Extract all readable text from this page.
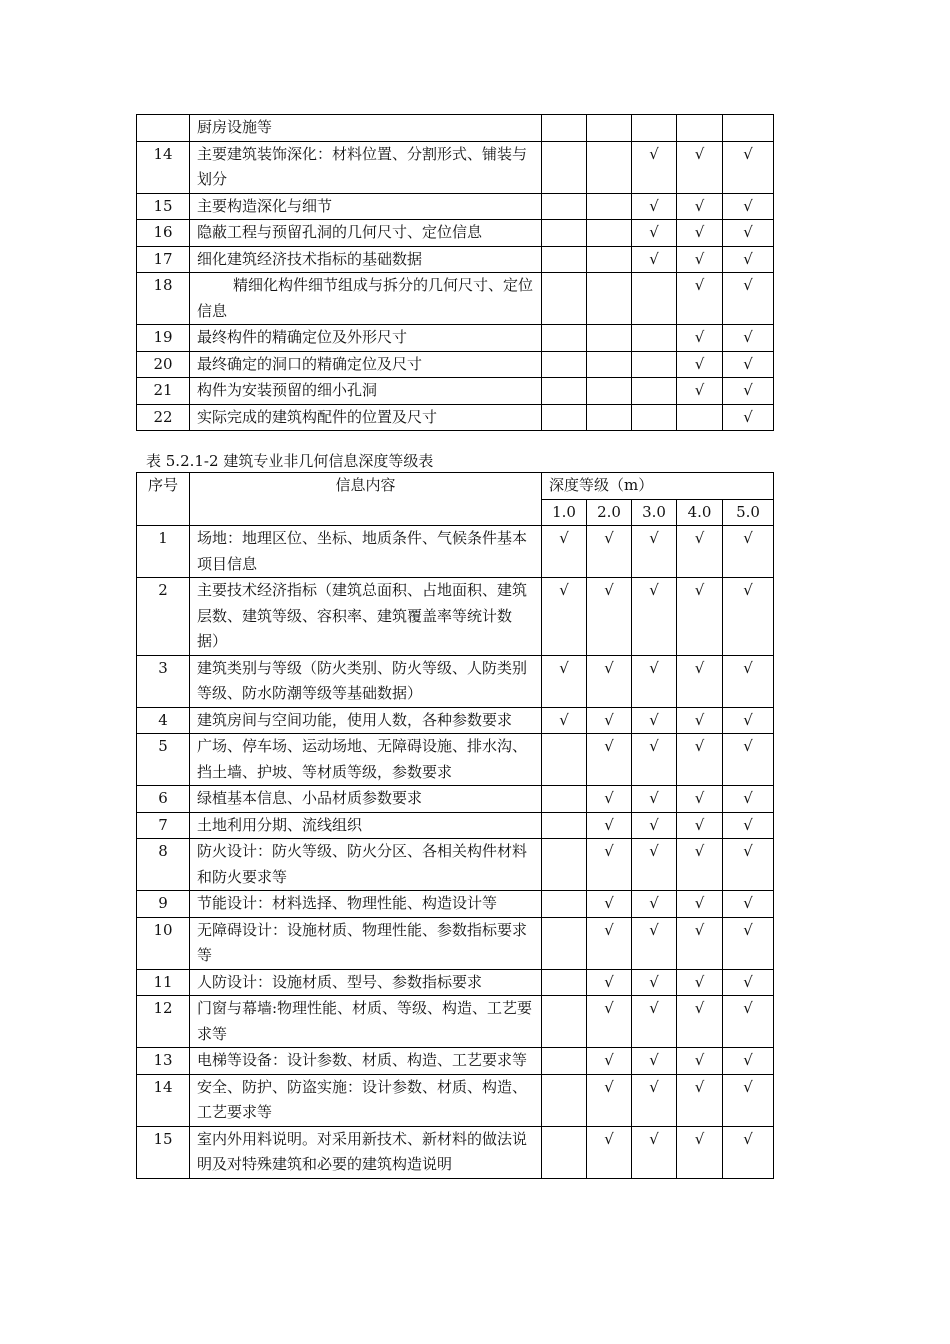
	厨房设施等					
14	主要建筑装饰深化：材料位置、分割形式、铺装与划分			√	√	√
15	主要构造深化与细节			√	√	√
16	隐蔽工程与预留孔洞的几何尺寸、定位信息			√	√	√
17	细化建筑经济技术指标的基础数据			√	√	√
18	精细化构件细节组成与拆分的几何尺寸、定位信息				√	√
19	最终构件的精确定位及外形尺寸				√	√
20	最终确定的洞口的精确定位及尺寸				√	√
21	构件为安装预留的细小孔洞				√	√
22	实际完成的建筑构配件的位置及尺寸					√
表 5.2.1-2 建筑专业非几何信息深度等级表
序号	信息内容	深度等级（m）				
		1.0	2.0	3.0	4.0	5.0
1	场地：地理区位、坐标、地质条件、气候条件基本项目信息	√	√	√	√	√
2	主要技术经济指标（建筑总面积、占地面积、建筑层数、建筑等级、容积率、建筑覆盖率等统计数据）	√	√	√	√	√
3	建筑类别与等级（防火类别、防火等级、人防类别等级、防水防潮等级等基础数据）	√	√	√	√	√
4	建筑房间与空间功能，使用人数，各种参数要求	√	√	√	√	√
5	广场、停车场、运动场地、无障碍设施、排水沟、挡土墙、护坡、等材质等级，参数要求		√	√	√	√
6	绿植基本信息、小品材质参数要求		√	√	√	√
7	土地利用分期、流线组织		√	√	√	√
8	防火设计：防火等级、防火分区、各相关构件材料和防火要求等		√	√	√	√
9	节能设计：材料选择、物理性能、构造设计等		√	√	√	√
10	无障碍设计：设施材质、物理性能、参数指标要求等		√	√	√	√
11	人防设计：设施材质、型号、参数指标要求		√	√	√	√
12	门窗与幕墙:物理性能、材质、等级、构造、工艺要求等		√	√	√	√
13	电梯等设备：设计参数、材质、构造、工艺要求等		√	√	√	√
14	安全、防护、防盗实施：设计参数、材质、构造、工艺要求等		√	√	√	√
15	室内外用料说明。对采用新技术、新材料的做法说明及对特殊建筑和必要的建筑构造说明		√	√	√	√
